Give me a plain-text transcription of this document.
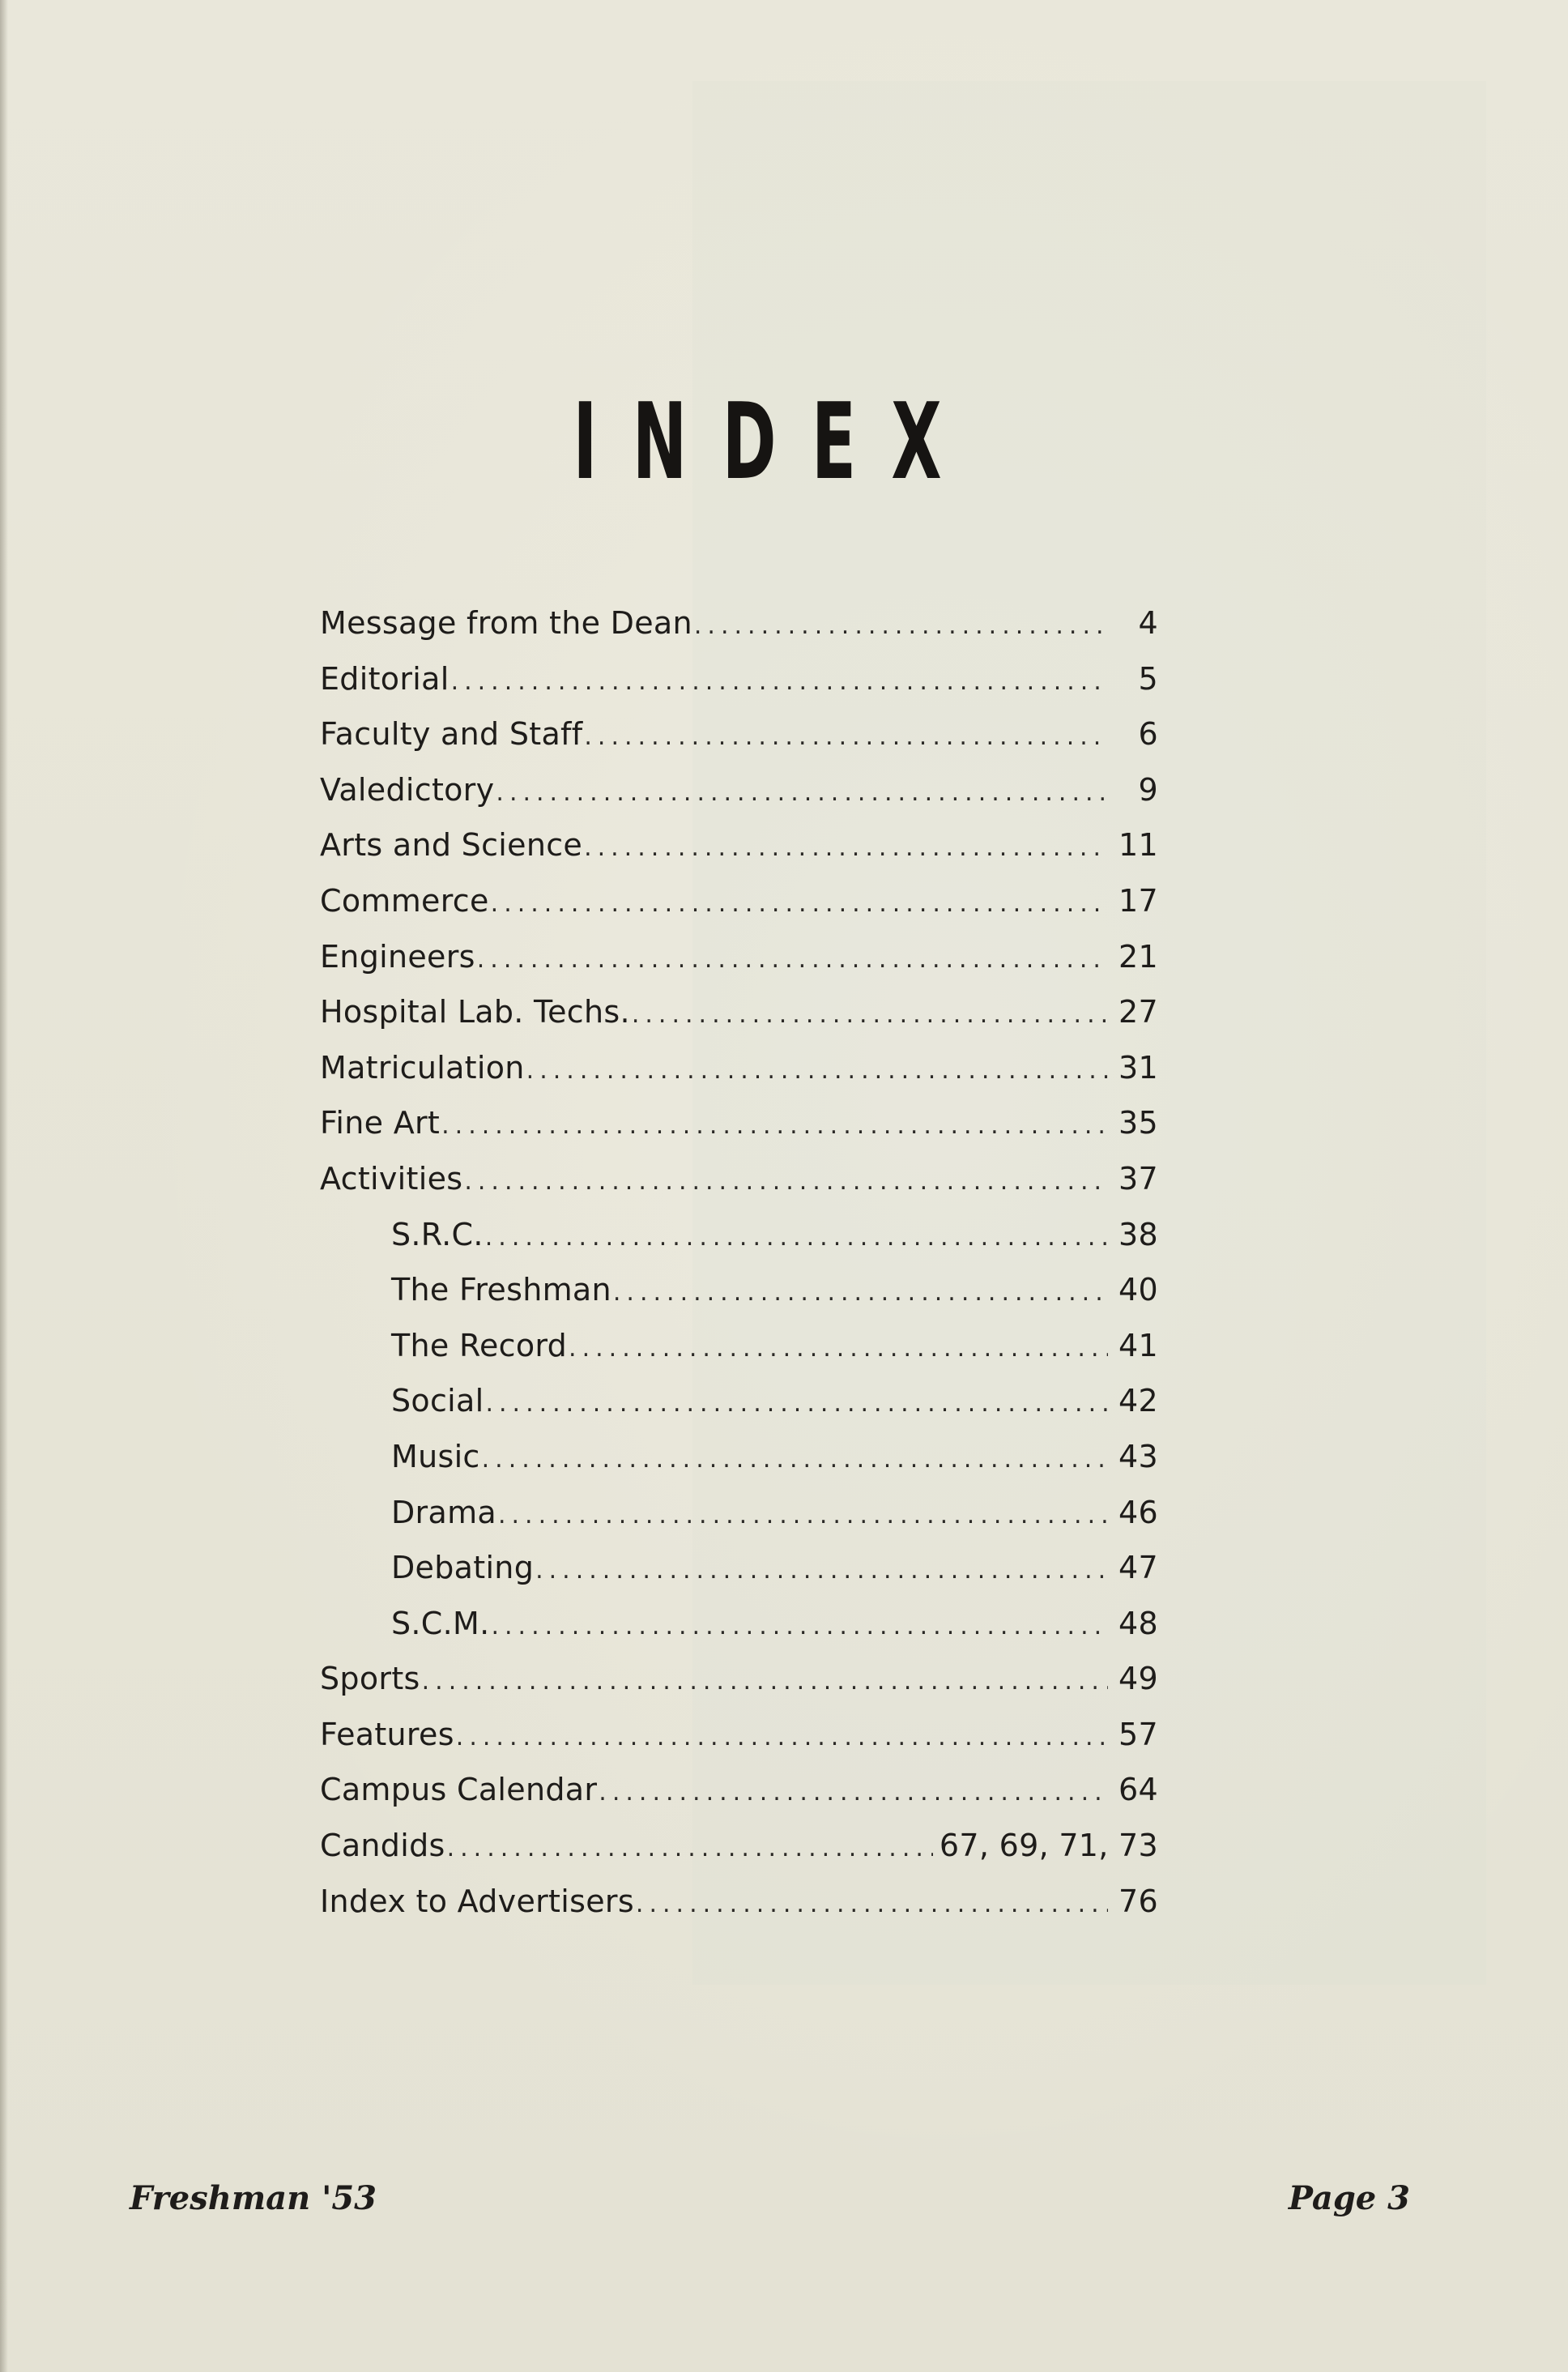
INDEX
Message from the Dean .....	4
Editorial .....	5
Faculty and Staff .....	6
Valedictory .....	9
Arts and Science .....	11
Commerce .....	17
Engineers .....	21
Hospital Lab. Techs. .....	27
Matriculation .....	31
Fine Art .....	35
Activities .....	37
S.R.C. .....	38
The Freshman .....	40
The Record .....	41
Social .....	42
Music .....	43
Drama .....	46
Debating .....	47
S.C.M. .....	48
Sports .....	49
Features .....	57
Campus Calendar .....	64
Candids .....	67, 69, 71, 73
Index to Advertisers .....	76
Freshman '53	Page 3
